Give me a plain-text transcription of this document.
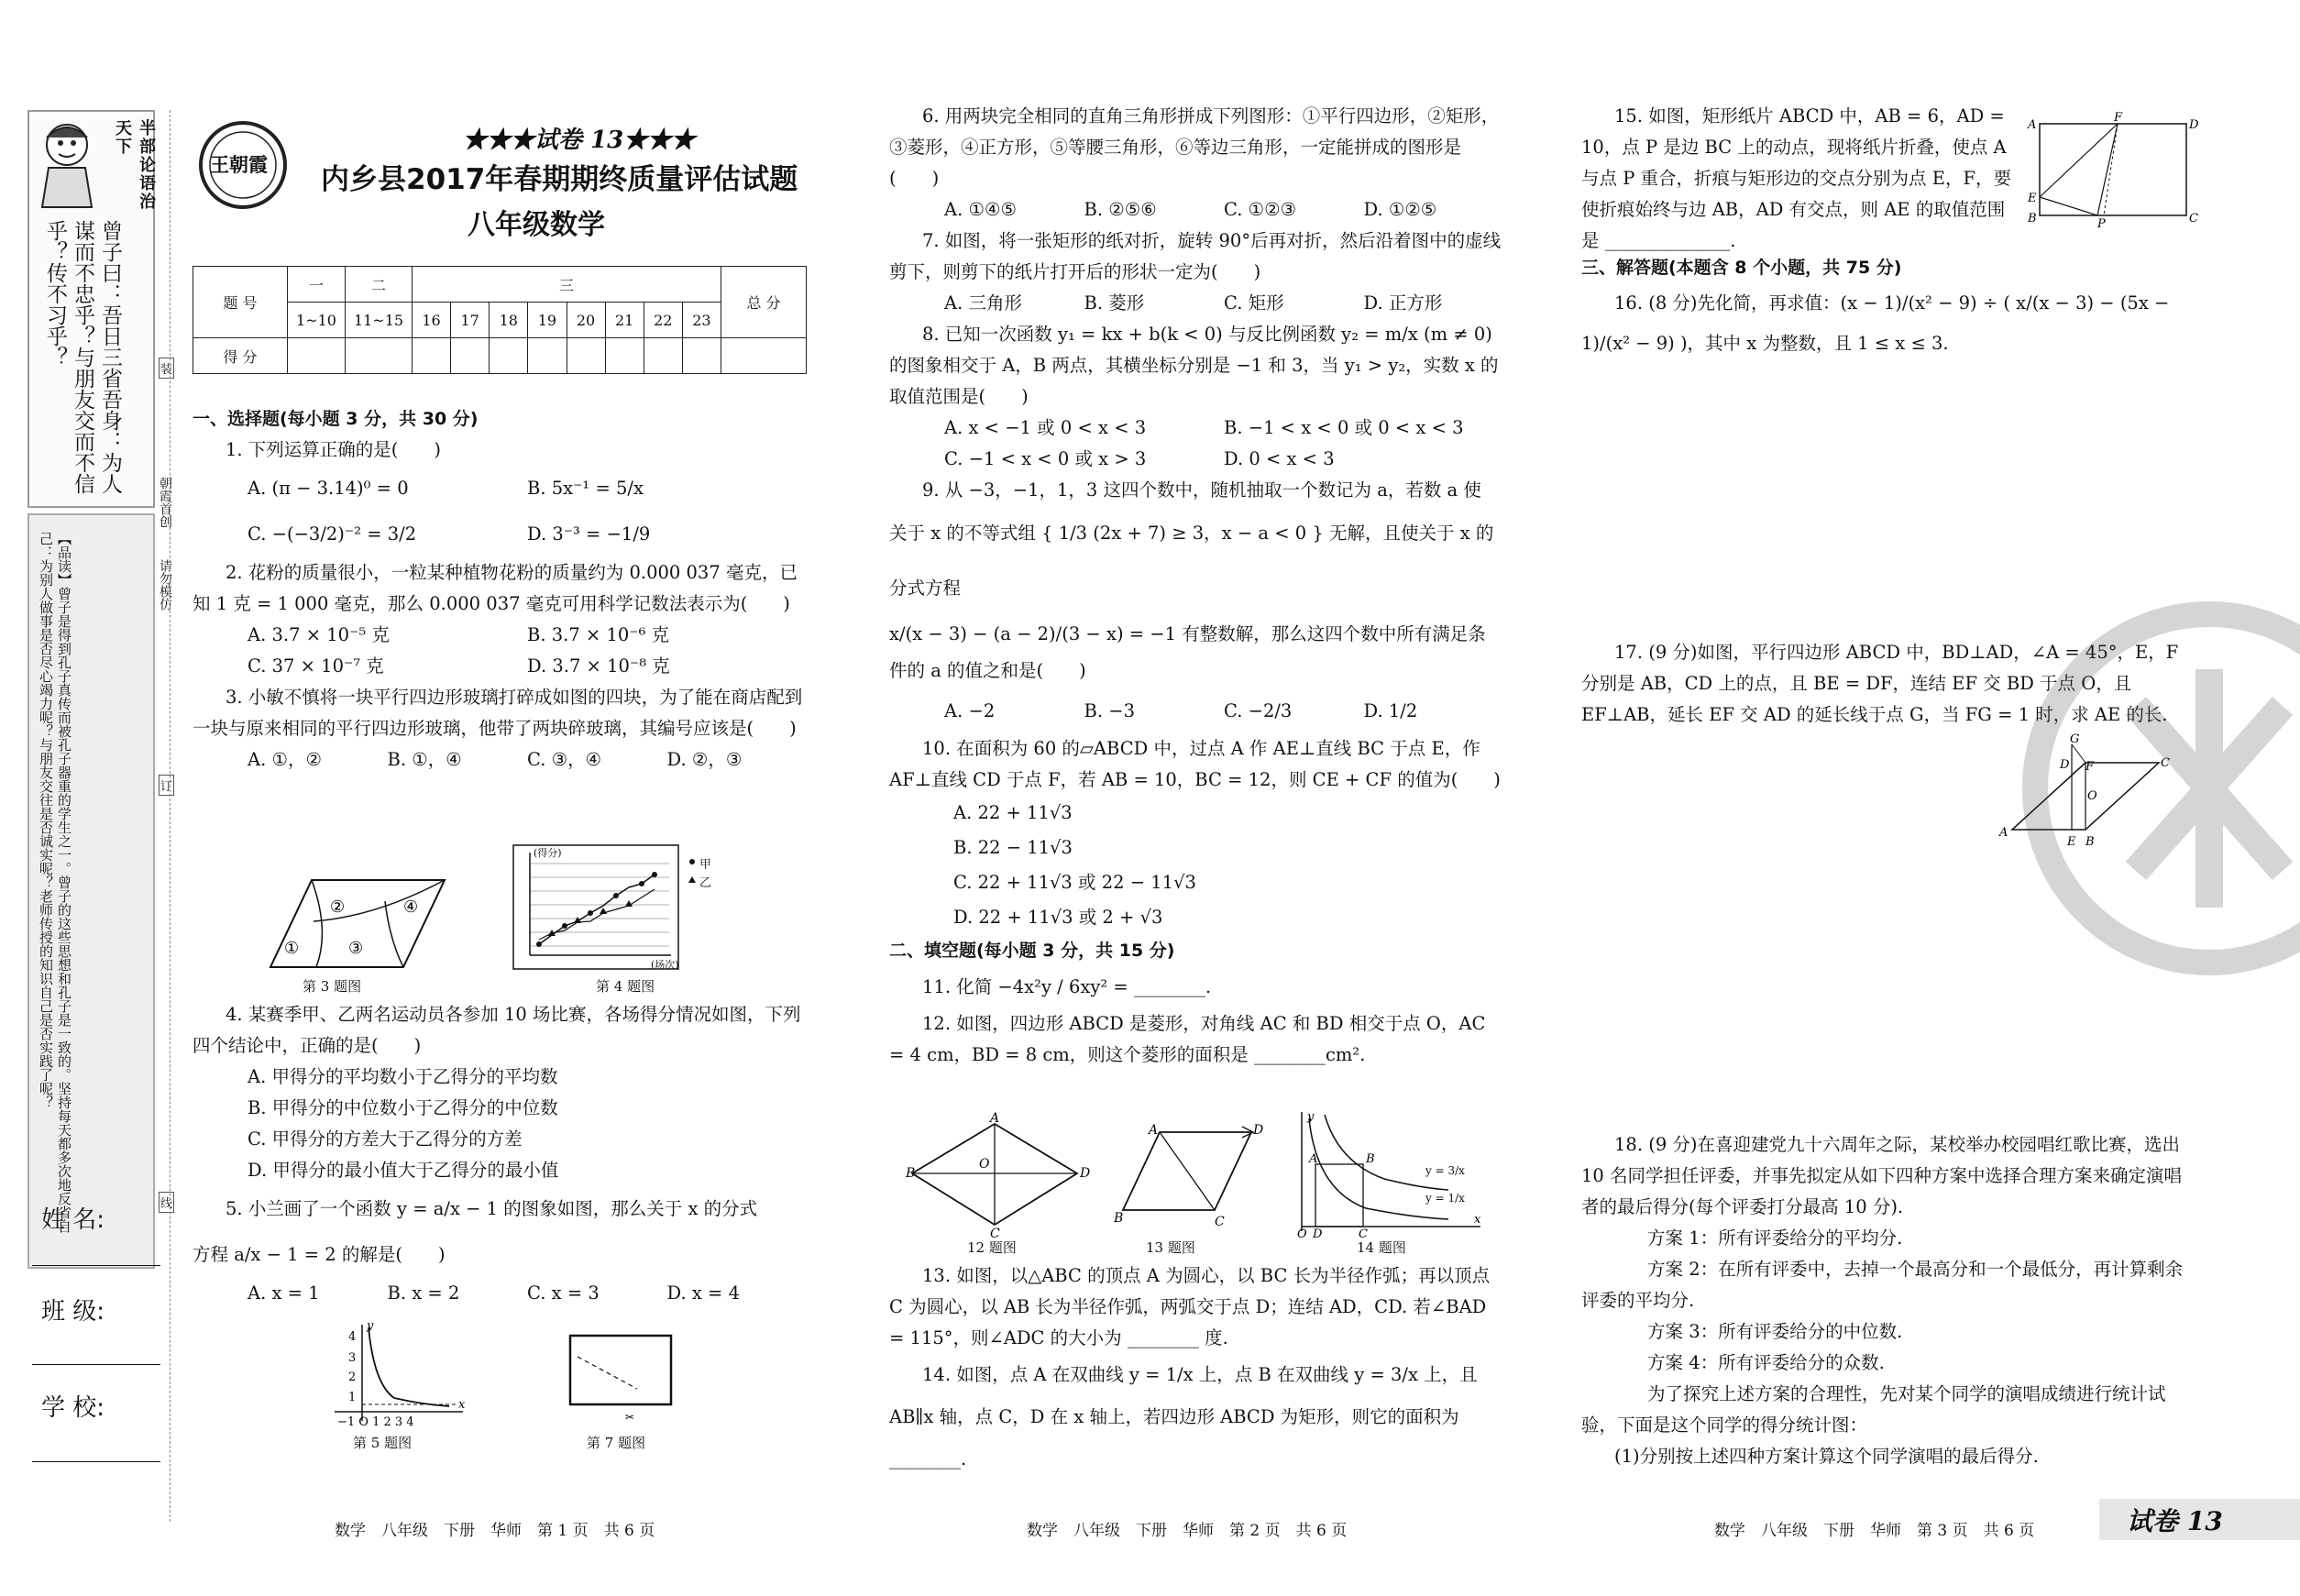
半部论语治天下
曾子曰：吾日三省吾身：为人谋而不忠乎？与朋友交而不信乎？传不习乎？
朝霞首创
请勿模仿
装
订
线
【品读】曾子是得到孔子真传而被孔子器重的学生之一。曾子的这些思想和孔子是一致的。坚持每天都多次地反省自己：为别人做事是否尽心竭力呢？与朋友交往是否诚实呢？老师传授的知识自己是否实践了呢？
姓 名:
班 级:
学 校:
王朝霞
★★★试卷 13★★★
内乡县2017年春期期终质量评估试题
八年级数学
题 号	一	二	三								总 分
	1~10	11~15	16	17	18	19	20	21	22	23	
得 分											
一、选择题(每小题 3 分，共 30 分)
1. 下列运算正确的是(　　)
A. (π − 3.14)⁰ = 0	B. 5x⁻¹ = 5/x
C. −(−3/2)⁻² = 3/2	D. 3⁻³ = −1/9
2. 花粉的质量很小，一粒某种植物花粉的质量约为 0.000 037 毫克，已知 1 克 = 1 000 毫克，那么 0.000 037 毫克可用科学记数法表示为(　　)
A. 3.7 × 10⁻⁵ 克	B. 3.7 × 10⁻⁶ 克
C. 37 × 10⁻⁷ 克	D. 3.7 × 10⁻⁸ 克
3. 小敏不慎将一块平行四边形玻璃打碎成如图的四块，为了能在商店配到一块与原来相同的平行四边形玻璃，他带了两块碎玻璃，其编号应该是(　　)
A. ①，②	B. ①，④	C. ③，④	D. ②，③
②	④
①	③
第 3 题图
(得分)
(场次)
甲
乙
第 4 题图
4. 某赛季甲、乙两名运动员各参加 10 场比赛，各场得分情况如图，下列四个结论中，正确的是(　　)
A. 甲得分的平均数小于乙得分的平均数
B. 甲得分的中位数小于乙得分的中位数
C. 甲得分的方差大于乙得分的方差
D. 甲得分的最小值大于乙得分的最小值
5. 小兰画了一个函数 y = a/x − 1 的图象如图，那么关于 x 的分式
方程 a/x − 1 = 2 的解是(　　)
A. x = 1	B. x = 2	C. x = 3	D. x = 4
4
3
2
1
−1 O 1 2 3 4
x
y
第 5 题图
✂
第 7 题图
数学　八年级　下册　华师　第 1 页　共 6 页
6. 用两块完全相同的直角三角形拼成下列图形：①平行四边形，②矩形，③菱形，④正方形，⑤等腰三角形，⑥等边三角形，一定能拼成的图形是(　　)
A. ①④⑤	B. ②⑤⑥	C. ①②③	D. ①②⑤
7. 如图，将一张矩形的纸对折，旋转 90°后再对折，然后沿着图中的虚线剪下，则剪下的纸片打开后的形状一定为(　　)
A. 三角形	B. 菱形	C. 矩形	D. 正方形
8. 已知一次函数 y₁ = kx + b(k < 0) 与反比例函数 y₂ = m/x (m ≠ 0) 的图象相交于 A，B 两点，其横坐标分别是 −1 和 3，当 y₁ > y₂，实数 x 的取值范围是(　　)
A. x < −1 或 0 < x < 3	B. −1 < x < 0 或 0 < x < 3
C. −1 < x < 0 或 x > 3	D. 0 < x < 3
9. 从 −3，−1，1，3 这四个数中，随机抽取一个数记为 a，若数 a 使
关于 x 的不等式组 { 1/3 (2x + 7) ≥ 3，x − a < 0 } 无解，且使关于 x 的分式方程
x/(x − 3) − (a − 2)/(3 − x) = −1 有整数解，那么这四个数中所有满足条件的 a 的值之和是(　　)
A. −2	B. −3	C. −2/3	D. 1/2
10. 在面积为 60 的▱ABCD 中，过点 A 作 AE⊥直线 BC 于点 E，作 AF⊥直线 CD 于点 F，若 AB = 10，BC = 12，则 CE + CF 的值为(　　)
A. 22 + 11√3
B. 22 − 11√3
C. 22 + 11√3 或 22 − 11√3
D. 22 + 11√3 或 2 + √3
二、填空题(每小题 3 分，共 15 分)
11. 化简 −4x²y / 6xy² = ________.
12. 如图，四边形 ABCD 是菱形，对角线 AC 和 BD 相交于点 O，AC = 4 cm，BD = 8 cm，则这个菱形的面积是 ________cm².
A
D
B
C
O
12 题图
A	D
B	C
13 题图
y
A	B
O D	C
x
y = 3/x
y = 1/x
14 题图
13. 如图，以△ABC 的顶点 A 为圆心，以 BC 长为半径作弧；再以顶点 C 为圆心，以 AB 长为半径作弧，两弧交于点 D；连结 AD，CD. 若∠BAD = 115°，则∠ADC 的大小为 ________ 度.
14. 如图，点 A 在双曲线 y = 1/x 上，点 B 在双曲线 y = 3/x 上，且 AB∥x 轴，点 C，D 在 x 轴上，若四边形 ABCD 为矩形，则它的面积为 ________.
数学　八年级　下册　华师　第 2 页　共 6 页
15. 如图，矩形纸片 ABCD 中，AB = 6，AD = 10，点 P 是边 BC 上的动点，现将纸片折叠，使点 A 与点 P 重合，折痕与矩形边的交点分别为点 E，F，要使折痕始终与边 AB，AD 有交点，则 AE 的取值范围是 ______________.
A
F
D
E
B	P	C
三、解答题(本题含 8 个小题，共 75 分)
16. (8 分)先化简，再求值：(x − 1)/(x² − 9) ÷ ( x/(x − 3) − (5x − 1)/(x² − 9) )，其中 x 为整数，且 1 ≤ x ≤ 3.
17. (9 分)如图，平行四边形 ABCD 中，BD⊥AD，∠A = 45°，E，F 分别是 AB，CD 上的点，且 BE = DF，连结 EF 交 BD 于点 O，且 EF⊥AB，延长 EF 交 AD 的延长线于点 G，当 FG = 1 时，求 AE 的长.
G
D F	C
O
A
E B
18. (9 分)在喜迎建党九十六周年之际，某校举办校园唱红歌比赛，选出 10 名同学担任评委，并事先拟定从如下四种方案中选择合理方案来确定演唱者的最后得分(每个评委打分最高 10 分).
方案 1：所有评委给分的平均分.
方案 2：在所有评委中，去掉一个最高分和一个最低分，再计算剩余评委的平均分.
方案 3：所有评委给分的中位数.
方案 4：所有评委给分的众数.
为了探究上述方案的合理性，先对某个同学的演唱成绩进行统计试验，下面是这个同学的得分统计图：
(1)分别按上述四种方案计算这个同学演唱的最后得分.
数学　八年级　下册　华师　第 3 页　共 6 页	试卷 13
